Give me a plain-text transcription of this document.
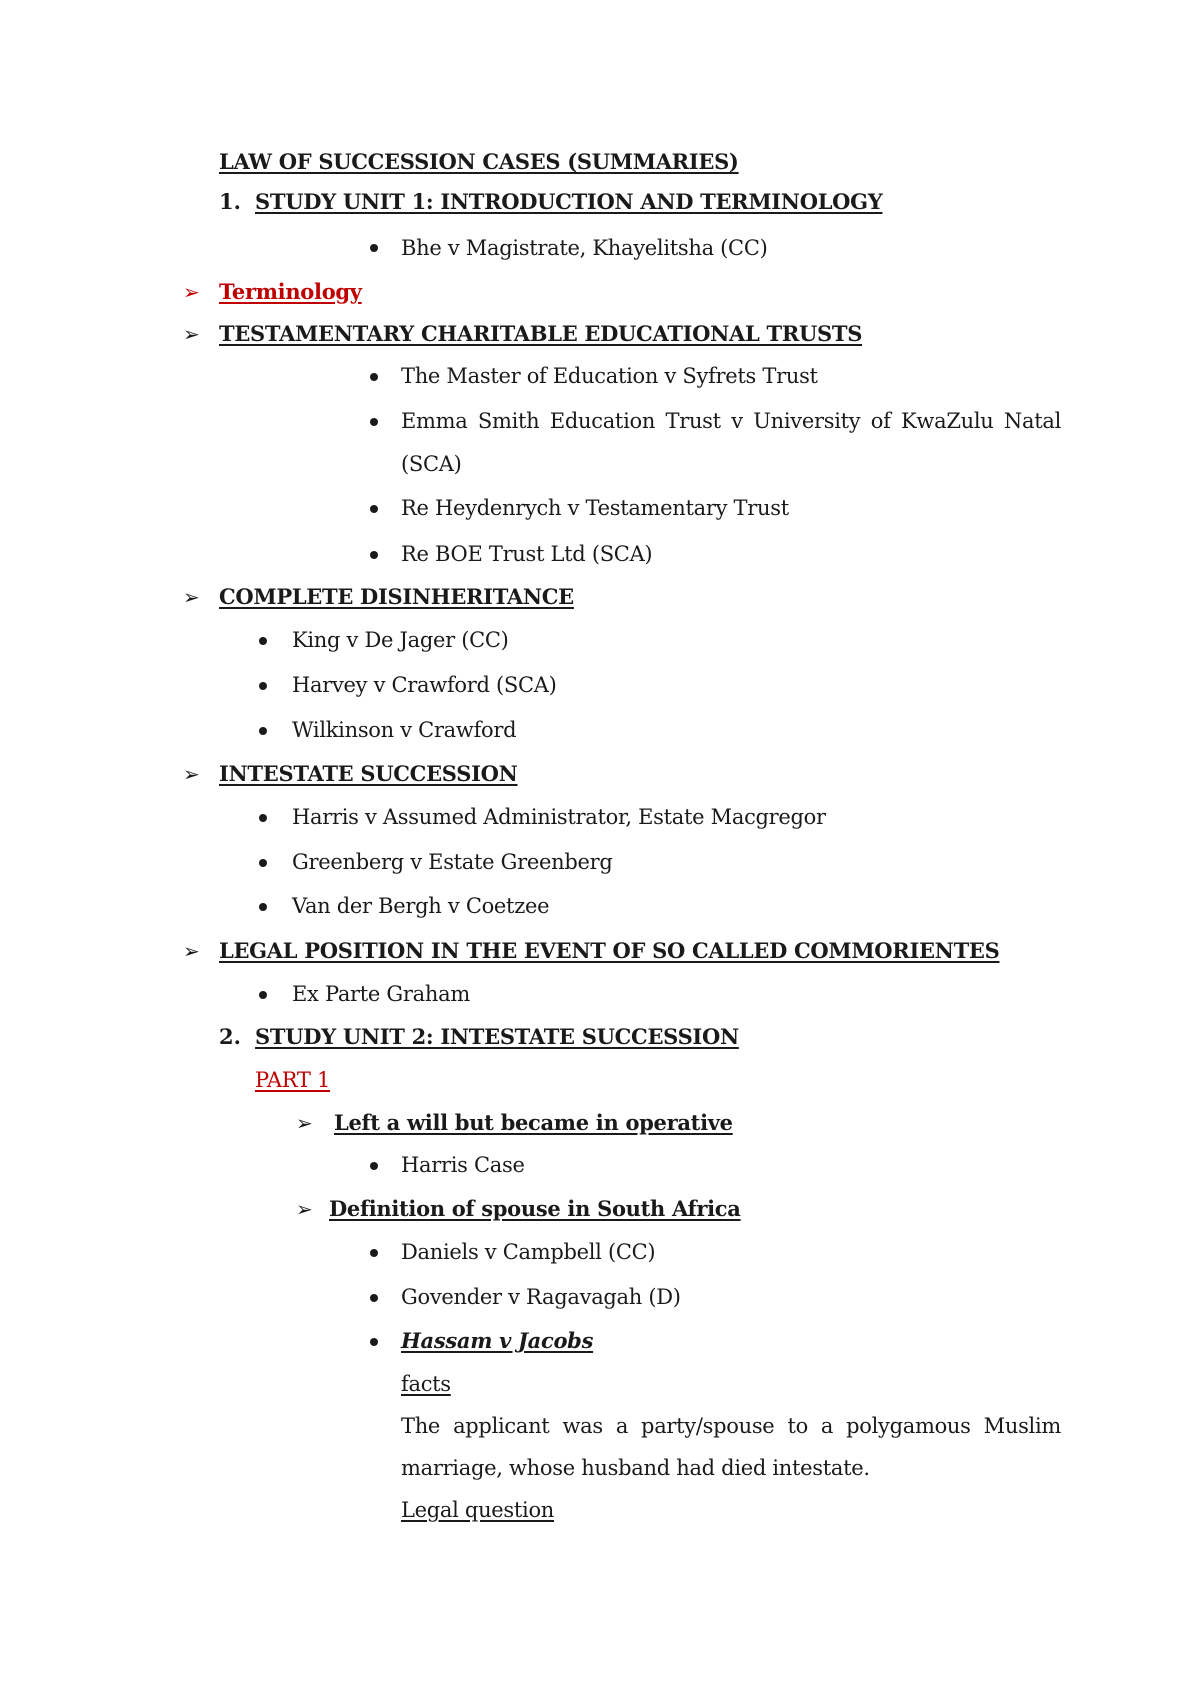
LAW OF SUCCESSION CASES (SUMMARIES)
1. STUDY UNIT 1: INTRODUCTION AND TERMINOLOGY
Bhe v Magistrate, Khayelitsha (CC)
➢ Terminology
➢ TESTAMENTARY CHARITABLE EDUCATIONAL TRUSTS
The Master of Education v Syfrets Trust
Emma Smith Education Trust v University of KwaZulu Natal
(SCA)
Re Heydenrych v Testamentary Trust
Re BOE Trust Ltd (SCA)
➢ COMPLETE DISINHERITANCE
King v De Jager (CC)
Harvey v Crawford (SCA)
Wilkinson v Crawford
➢ INTESTATE SUCCESSION
Harris v Assumed Administrator, Estate Macgregor
Greenberg v Estate Greenberg
Van der Bergh v Coetzee
➢ LEGAL POSITION IN THE EVENT OF SO CALLED COMMORIENTES
Ex Parte Graham
2. STUDY UNIT 2: INTESTATE SUCCESSION
PART 1
➢ Left a will but became in operative
Harris Case
➢ Definition of spouse in South Africa
Daniels v Campbell (CC)
Govender v Ragavagah (D)
Hassam v Jacobs
facts
The applicant was a party/spouse to a polygamous Muslim
marriage, whose husband had died intestate.
Legal question
